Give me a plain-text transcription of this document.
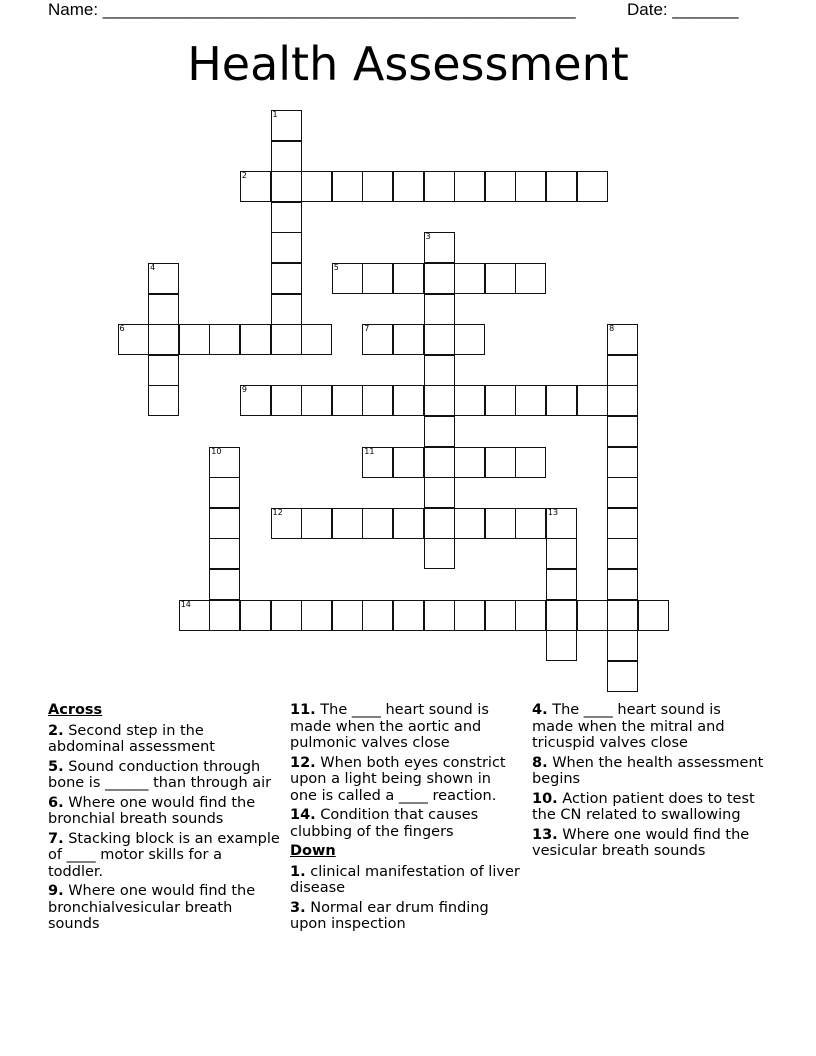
Name: __________________________________________________	Date: _______
Health Assessment
1
2
3
4	5
6	7	8
9
10	11
12	13
14
Across
2. Second step in the abdominal assessment
5. Sound conduction through bone is ______ than through air
6. Where one would find the bronchial breath sounds
7. Stacking block is an example of ____ motor skills for a toddler.
9. Where one would find the bronchialvesicular breath sounds
11. The ____ heart sound is made when the aortic and pulmonic valves close
12. When both eyes constrict upon a light being shown in one is called a ____ reaction.
14. Condition that causes clubbing of the fingers
Down
1. clinical manifestation of liver disease
3. Normal ear drum finding upon inspection
4. The ____ heart sound is made when the mitral and tricuspid valves close
8. When the health assessment begins
10. Action patient does to test the CN related to swallowing
13. Where one would find the vesicular breath sounds
